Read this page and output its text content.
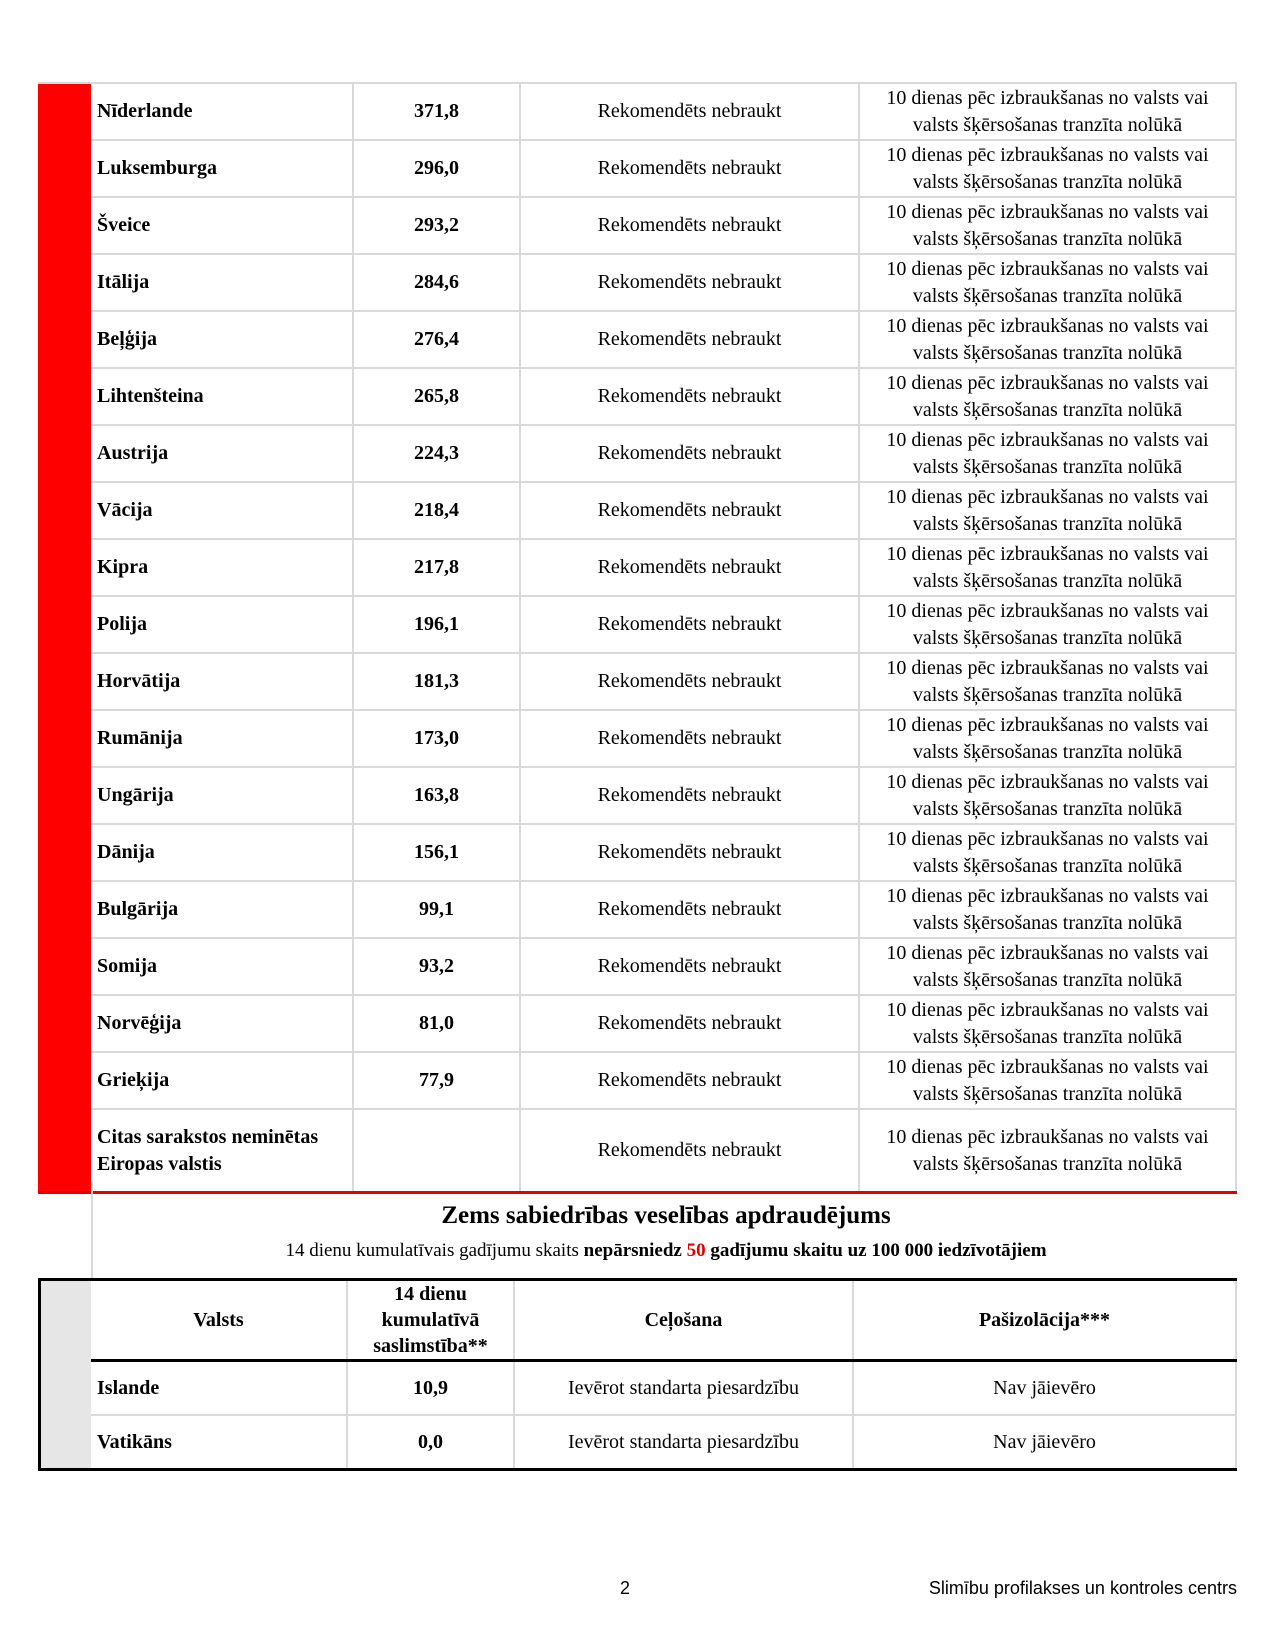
	Nīderlande	371,8	Rekomendēts nebraukt	10 dienas pēc izbraukšanas no valsts vai valsts šķērsošanas tranzīta nolūkā
	Luksemburga	296,0	Rekomendēts nebraukt	10 dienas pēc izbraukšanas no valsts vai valsts šķērsošanas tranzīta nolūkā
	Šveice	293,2	Rekomendēts nebraukt	10 dienas pēc izbraukšanas no valsts vai valsts šķērsošanas tranzīta nolūkā
	Itālija	284,6	Rekomendēts nebraukt	10 dienas pēc izbraukšanas no valsts vai valsts šķērsošanas tranzīta nolūkā
	Beļģija	276,4	Rekomendēts nebraukt	10 dienas pēc izbraukšanas no valsts vai valsts šķērsošanas tranzīta nolūkā
	Lihtenšteina	265,8	Rekomendēts nebraukt	10 dienas pēc izbraukšanas no valsts vai valsts šķērsošanas tranzīta nolūkā
	Austrija	224,3	Rekomendēts nebraukt	10 dienas pēc izbraukšanas no valsts vai valsts šķērsošanas tranzīta nolūkā
	Vācija	218,4	Rekomendēts nebraukt	10 dienas pēc izbraukšanas no valsts vai valsts šķērsošanas tranzīta nolūkā
	Kipra	217,8	Rekomendēts nebraukt	10 dienas pēc izbraukšanas no valsts vai valsts šķērsošanas tranzīta nolūkā
	Polija	196,1	Rekomendēts nebraukt	10 dienas pēc izbraukšanas no valsts vai valsts šķērsošanas tranzīta nolūkā
	Horvātija	181,3	Rekomendēts nebraukt	10 dienas pēc izbraukšanas no valsts vai valsts šķērsošanas tranzīta nolūkā
	Rumānija	173,0	Rekomendēts nebraukt	10 dienas pēc izbraukšanas no valsts vai valsts šķērsošanas tranzīta nolūkā
	Ungārija	163,8	Rekomendēts nebraukt	10 dienas pēc izbraukšanas no valsts vai valsts šķērsošanas tranzīta nolūkā
	Dānija	156,1	Rekomendēts nebraukt	10 dienas pēc izbraukšanas no valsts vai valsts šķērsošanas tranzīta nolūkā
	Bulgārija	99,1	Rekomendēts nebraukt	10 dienas pēc izbraukšanas no valsts vai valsts šķērsošanas tranzīta nolūkā
	Somija	93,2	Rekomendēts nebraukt	10 dienas pēc izbraukšanas no valsts vai valsts šķērsošanas tranzīta nolūkā
	Norvēģija	81,0	Rekomendēts nebraukt	10 dienas pēc izbraukšanas no valsts vai valsts šķērsošanas tranzīta nolūkā
	Grieķija	77,9	Rekomendēts nebraukt	10 dienas pēc izbraukšanas no valsts vai valsts šķērsošanas tranzīta nolūkā
	Citas sarakstos neminētas Eiropas valstis		Rekomendēts nebraukt	10 dienas pēc izbraukšanas no valsts vai valsts šķērsošanas tranzīta nolūkā
Zems sabiedrības veselības apdraudējums
14 dienu kumulatīvais gadījumu skaits nepārsniedz 50 gadījumu skaitu uz 100 000 iedzīvotājiem
	Valsts	14 dienu kumulatīvā saslimstība**	Ceļošana	Pašizolācija***
	Islande	10,9	Ievērot standarta piesardzību	Nav jāievēro
	Vatikāns	0,0	Ievērot standarta piesardzību	Nav jāievēro
2	Slimību profilakses un kontroles centrs
